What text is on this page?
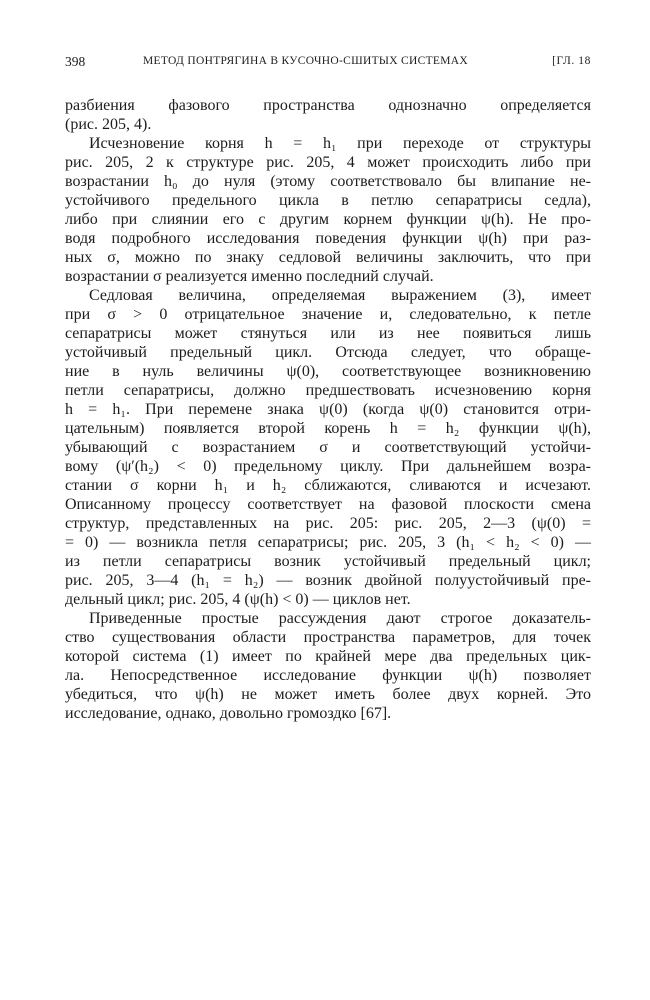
398	МЕТОД ПОНТРЯГИНА В КУСОЧНО-СШИТЫХ СИСТЕМАХ	[ГЛ. 18
разбиения фазового пространства однозначно определяется
(рис. 205, 4).
Исчезновение корня h = h₁ при переходе от структуры
рис. 205, 2 к структуре рис. 205, 4 может происходить либо при
возрастании h₀ до нуля (этому соответствовало бы влипание не-
устойчивого предельного цикла в петлю сепаратрисы седла),
либо при слиянии его с другим корнем функции ψ(h). Не про-
водя подробного исследования поведения функции ψ(h) при раз-
ных σ, можно по знаку седловой величины заключить, что при
возрастании σ реализуется именно последний случай.
Седловая величина, определяемая выражением (3), имеет
при σ > 0 отрицательное значение и, следовательно, к петле
сепаратрисы может стянуться или из нее появиться лишь
устойчивый предельный цикл. Отсюда следует, что обраще-
ние в нуль величины ψ(0), соответствующее возникновению
петли сепаратрисы, должно предшествовать исчезновению корня
h = h₁. При перемене знака ψ(0) (когда ψ(0) становится отри-
цательным) появляется второй корень h = h₂ функции ψ(h),
убывающий с возрастанием σ и соответствующий устойчи-
вому (ψ′(h₂) < 0) предельному циклу. При дальнейшем возра-
стании σ корни h₁ и h₂ сближаются, сливаются и исчезают.
Описанному процессу соответствует на фазовой плоскости смена
структур, представленных на рис. 205: рис. 205, 2—3 (ψ(0) =
= 0) — возникла петля сепаратрисы; рис. 205, 3 (h₁ < h₂ < 0) —
из петли сепаратрисы возник устойчивый предельный цикл;
рис. 205, 3—4 (h₁ = h₂) — возник двойной полуустойчивый пре-
дельный цикл; рис. 205, 4 (ψ(h) < 0) — циклов нет.
Приведенные простые рассуждения дают строгое доказатель-
ство существования области пространства параметров, для точек
которой система (1) имеет по крайней мере два предельных цик-
ла. Непосредственное исследование функции ψ(h) позволяет
убедиться, что ψ(h) не может иметь более двух корней. Это
исследование, однако, довольно громоздко [67].
